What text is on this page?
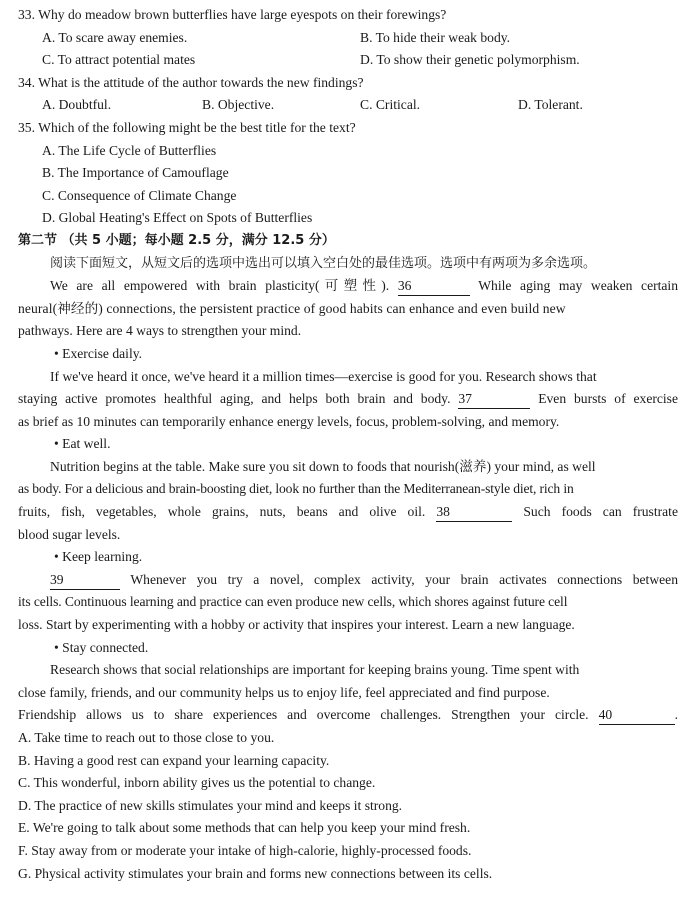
33. Why do meadow brown butterflies have large eyespots on their forewings?
A. To scare away enemies.	B. To hide their weak body.
C. To attract potential mates	D. To show their genetic polymorphism.
34. What is the attitude of the author towards the new findings?
A. Doubtful.	B. Objective.	C. Critical.	D. Tolerant.
35. Which of the following might be the best title for the text?
A. The Life Cycle of Butterflies
B. The Importance of Camouflage
C. Consequence of Climate Change
D. Global Heating's Effect on Spots of Butterflies
第二节 （共 5 小题；每小题 2.5 分，满分 12.5 分）
阅读下面短文，从短文后的选项中选出可以填入空白处的最佳选项。选项中有两项为多余选项。
We are all empowered with brain plasticity(可塑性). 36	While aging may weaken certain
neural(神经的) connections, the persistent practice of good habits can enhance and even build new
pathways. Here are 4 ways to strengthen your mind.
• Exercise daily.
If we've heard it once, we've heard it a million times—exercise is good for you. Research shows that
staying active promotes healthful aging, and helps both brain and body. 37	Even bursts of exercise
as brief as 10 minutes can temporarily enhance energy levels, focus, problem-solving, and memory.
• Eat well.
Nutrition begins at the table. Make sure you sit down to foods that nourish(滋养) your mind, as well
as body. For a delicious and brain-boosting diet, look no further than the Mediterranean-style diet, rich in
fruits, fish, vegetables, whole grains, nuts, beans and olive oil. 38	Such foods can frustrate
blood sugar levels.
• Keep learning.
39	Whenever you try a novel, complex activity, your brain activates connections between
its cells. Continuous learning and practice can even produce new cells, which shores against future cell
loss. Start by experimenting with a hobby or activity that inspires your interest. Learn a new language.
• Stay connected.
Research shows that social relationships are important for keeping brains young. Time spent with
close family, friends, and our community helps us to enjoy life, feel appreciated and find purpose.
Friendship allows us to share experiences and overcome challenges. Strengthen your circle. 40	.
A. Take time to reach out to those close to you.
B. Having a good rest can expand your learning capacity.
C. This wonderful, inborn ability gives us the potential to change.
D. The practice of new skills stimulates your mind and keeps it strong.
E. We're going to talk about some methods that can help you keep your mind fresh.
F. Stay away from or moderate your intake of high-calorie, highly-processed foods.
G. Physical activity stimulates your brain and forms new connections between its cells.
